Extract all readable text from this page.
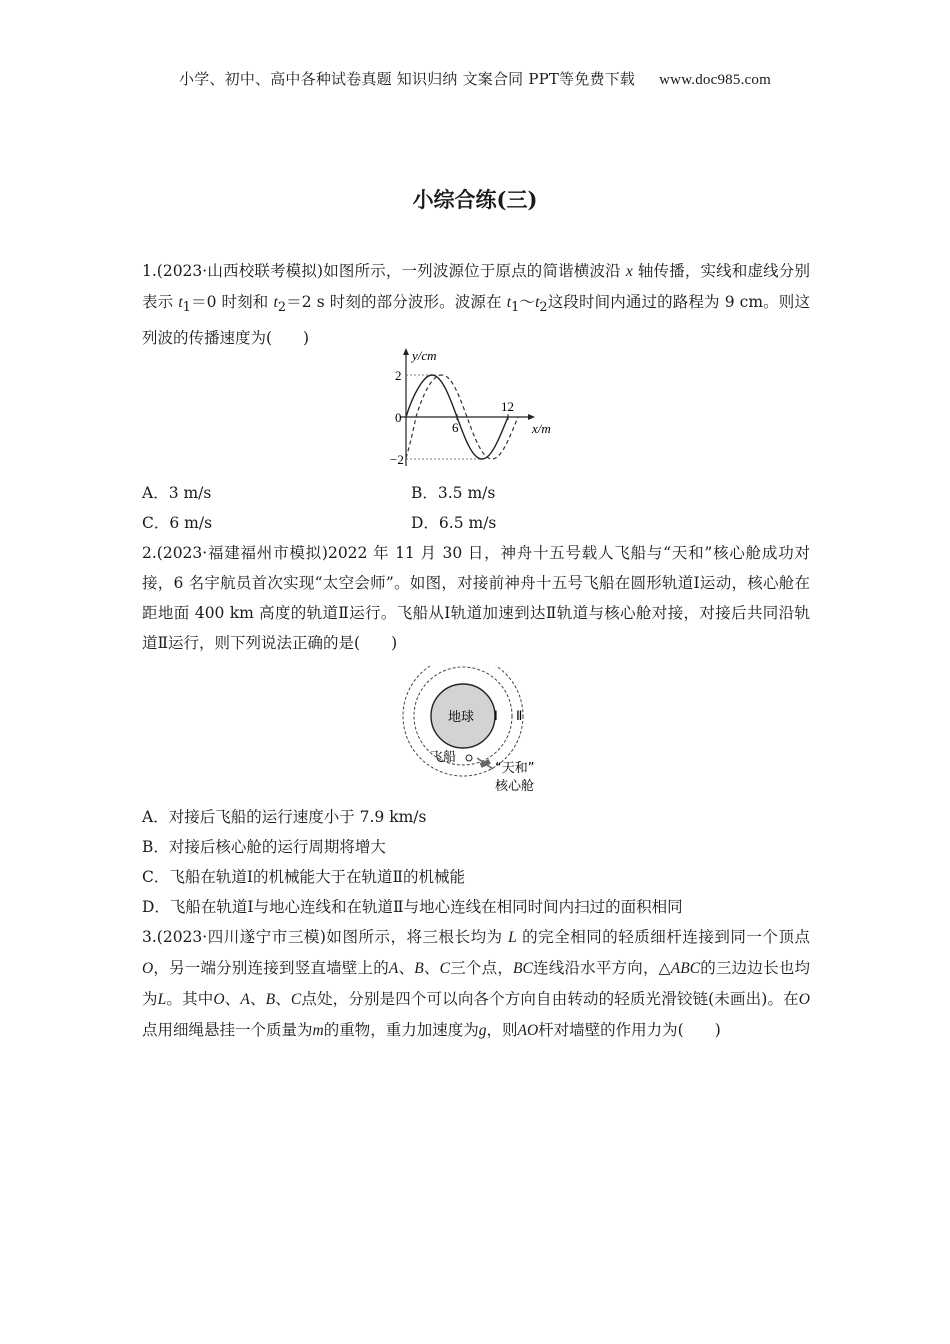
小学、初中、高中各种试卷真题 知识归纳 文案合同 PPT等免费下载 www.doc985.com
小综合练(三)
1.(2023·山西校联考模拟)如图所示，一列波源位于原点的简谐横波沿 x 轴传播，实线和虚线分别表示 $t_1=0$ 时刻和 $t_2=2$ s 时刻的部分波形。波源在 $t_1\sim t_2$这段时间内通过的路程为 9 cm。则这列波的传播速度为(　　)
y/cm
x/m
2
−2
0
6
12
A．3 m/s	B．3.5 m/s
C．6 m/s	D．6.5 m/s
2.(2023·福建福州市模拟)2022 年 11 月 30 日，神舟十五号载人飞船与“天和”核心舱成功对接，6 名宇航员首次实现“太空会师”。如图，对接前神舟十五号飞船在圆形轨道Ⅰ运动，核心舱在距地面 400 km 高度的轨道Ⅱ运行。飞船从Ⅰ轨道加速到达Ⅱ轨道与核心舱对接，对接后共同沿轨道Ⅱ运行，则下列说法正确的是(　　)
地球 Ⅰ Ⅱ
飞船
“天和”
核心舱
A．对接后飞船的运行速度小于 7.9 km/s
B．对接后核心舱的运行周期将增大
C．飞船在轨道Ⅰ的机械能大于在轨道Ⅱ的机械能
D．飞船在轨道Ⅰ与地心连线和在轨道Ⅱ与地心连线在相同时间内扫过的面积相同
3.(2023·四川遂宁市三模)如图所示，将三根长均为 L 的完全相同的轻质细杆连接到同一个顶点O，另一端分别连接到竖直墙壁上的A、B、C三个点，BC连线沿水平方向，△ABC的三边边长也均为L。其中O、A、B、C点处，分别是四个可以向各个方向自由转动的轻质光滑铰链(未画出)。在O点用细绳悬挂一个质量为m的重物，重力加速度为g，则AO杆对墙壁的作用力为(　　)
